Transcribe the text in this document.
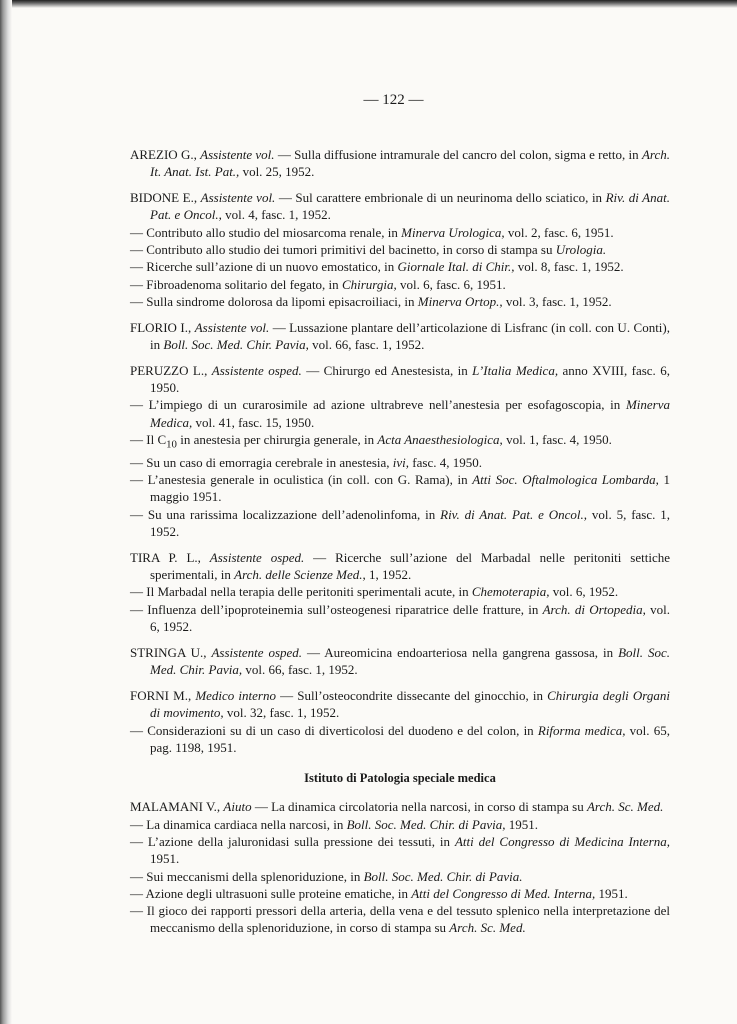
— 122 —

AREZIO G., Assistente vol. — Sulla diffusione intramurale del cancro del colon, sigma e retto, in Arch. It. Anat. Ist. Pat., vol. 25, 1952.

BIDONE E., Assistente vol. — Sul carattere embrionale di un neurinoma dello sciatico, in Riv. di Anat. Pat. e Oncol., vol. 4, fasc. 1, 1952.

— Contributo allo studio del miosarcoma renale, in Minerva Urologica, vol. 2, fasc. 6, 1951.

— Contributo allo studio dei tumori primitivi del bacinetto, in corso di stampa su Urologia.

— Ricerche sull’azione di un nuovo emostatico, in Giornale Ital. di Chir., vol. 8, fasc. 1, 1952.

— Fibroadenoma solitario del fegato, in Chirurgia, vol. 6, fasc. 6, 1951.

— Sulla sindrome dolorosa da lipomi episacroiliaci, in Minerva Ortop., vol. 3, fasc. 1, 1952.

FLORIO I., Assistente vol. — Lussazione plantare dell’articolazione di Lisfranc (in coll. con U. Conti), in Boll. Soc. Med. Chir. Pavia, vol. 66, fasc. 1, 1952.

PERUZZO L., Assistente osped. — Chirurgo ed Anestesista, in L’Italia Medica, anno XVIII, fasc. 6, 1950.

— L’impiego di un curarosimile ad azione ultrabreve nell’anestesia per esofagoscopia, in Minerva Medica, vol. 41, fasc. 15, 1950.

— Il $C_{10}$ in anestesia per chirurgia generale, in Acta Anaesthesiologica, vol. 1, fasc. 4, 1950.

— Su un caso di emorragia cerebrale in anestesia, ivi, fasc. 4, 1950.

— L’anestesia generale in oculistica (in coll. con G. Rama), in Atti Soc. Oftalmologica Lombarda, 1 maggio 1951.

— Su una rarissima localizzazione dell’adenolinfoma, in Riv. di Anat. Pat. e Oncol., vol. 5, fasc. 1, 1952.

TIRA P. L., Assistente osped. — Ricerche sull’azione del Marbadal nelle peritoniti settiche sperimentali, in Arch. delle Scienze Med., 1, 1952.

— Il Marbadal nella terapia delle peritoniti sperimentali acute, in Chemoterapia, vol. 6, 1952.

— Influenza dell’ipoproteinemia sull’osteogenesi riparatrice delle fratture, in Arch. di Ortopedia, vol. 6, 1952.

STRINGA U., Assistente osped. — Aureomicina endoarteriosa nella gangrena gassosa, in Boll. Soc. Med. Chir. Pavia, vol. 66, fasc. 1, 1952.

FORNI M., Medico interno — Sull’osteocondrite dissecante del ginocchio, in Chirurgia degli Organi di movimento, vol. 32, fasc. 1, 1952.

— Considerazioni su di un caso di diverticolosi del duodeno e del colon, in Riforma medica, vol. 65, pag. 1198, 1951.

Istituto di Patologia speciale medica

MALAMANI V., Aiuto — La dinamica circolatoria nella narcosi, in corso di stampa su Arch. Sc. Med.

— La dinamica cardiaca nella narcosi, in Boll. Soc. Med. Chir. di Pavia, 1951.

— L’azione della jaluronidasi sulla pressione dei tessuti, in Atti del Congresso di Medicina Interna, 1951.

— Sui meccanismi della splenoriduzione, in Boll. Soc. Med. Chir. di Pavia.

— Azione degli ultrasuoni sulle proteine ematiche, in Atti del Congresso di Med. Interna, 1951.

— Il gioco dei rapporti pressori della arteria, della vena e del tessuto splenico nella interpretazione del meccanismo della splenoriduzione, in corso di stampa su Arch. Sc. Med.
